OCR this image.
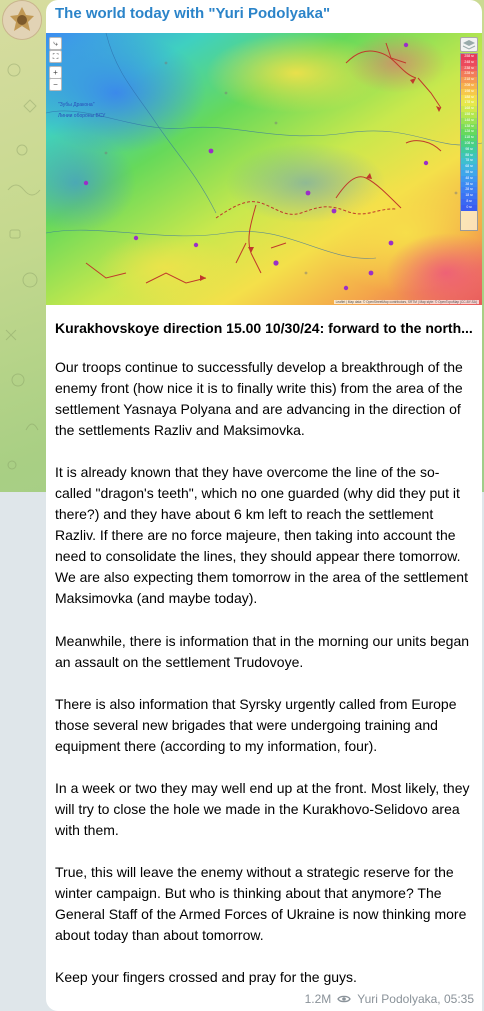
The world today with "Yuri Podolyaka"
⤷
⛶
+
−
"Зубы Дракона"
Линии обороны ВСУ
258 м
248 м
238 м
228 м
218 м
208 м
198 м
188 м
178 м
168 м
158 м
148 м
138 м
128 м
118 м
108 м
98 м
88 м
78 м
68 м
58 м
48 м
38 м
28 м
18 м
8 м
0 м
Leaflet | Map data: © OpenStreetMap contributors, SRTM | Map style: © OpenTopoMap (CC-BY-SA)
Kurakhovskoye direction 15.00 10/30/24: forward to the north...
Our troops continue to successfully develop a breakthrough of the enemy front (how nice it is to finally write this) from the area of the settlement Yasnaya Polyana and are advancing in the direction of the settlements Razliv and Maksimovka.
It is already known that they have overcome the line of the so-called "dragon's teeth", which no one guarded (why did they put it there?) and they have about 6 km left to reach the settlement Razliv. If there are no force majeure, then taking into account the need to consolidate the lines, they should appear there tomorrow. We are also expecting them tomorrow in the area of the settlement Maksimovka (and maybe today).
Meanwhile, there is information that in the morning our units began an assault on the settlement Trudovoye.
There is also information that Syrsky urgently called from Europe those several new brigades that were undergoing training and equipment there (according to my information, four).
In a week or two they may well end up at the front. Most likely, they will try to close the hole we made in the Kurakhovo-Selidovo area with them.
True, this will leave the enemy without a strategic reserve for the winter campaign. But who is thinking about that anymore? The General Staff of the Armed Forces of Ukraine is now thinking more about today than about tomorrow.
Keep your fingers crossed and pray for the guys.
1.2M Yuri Podolyaka, 05:35
